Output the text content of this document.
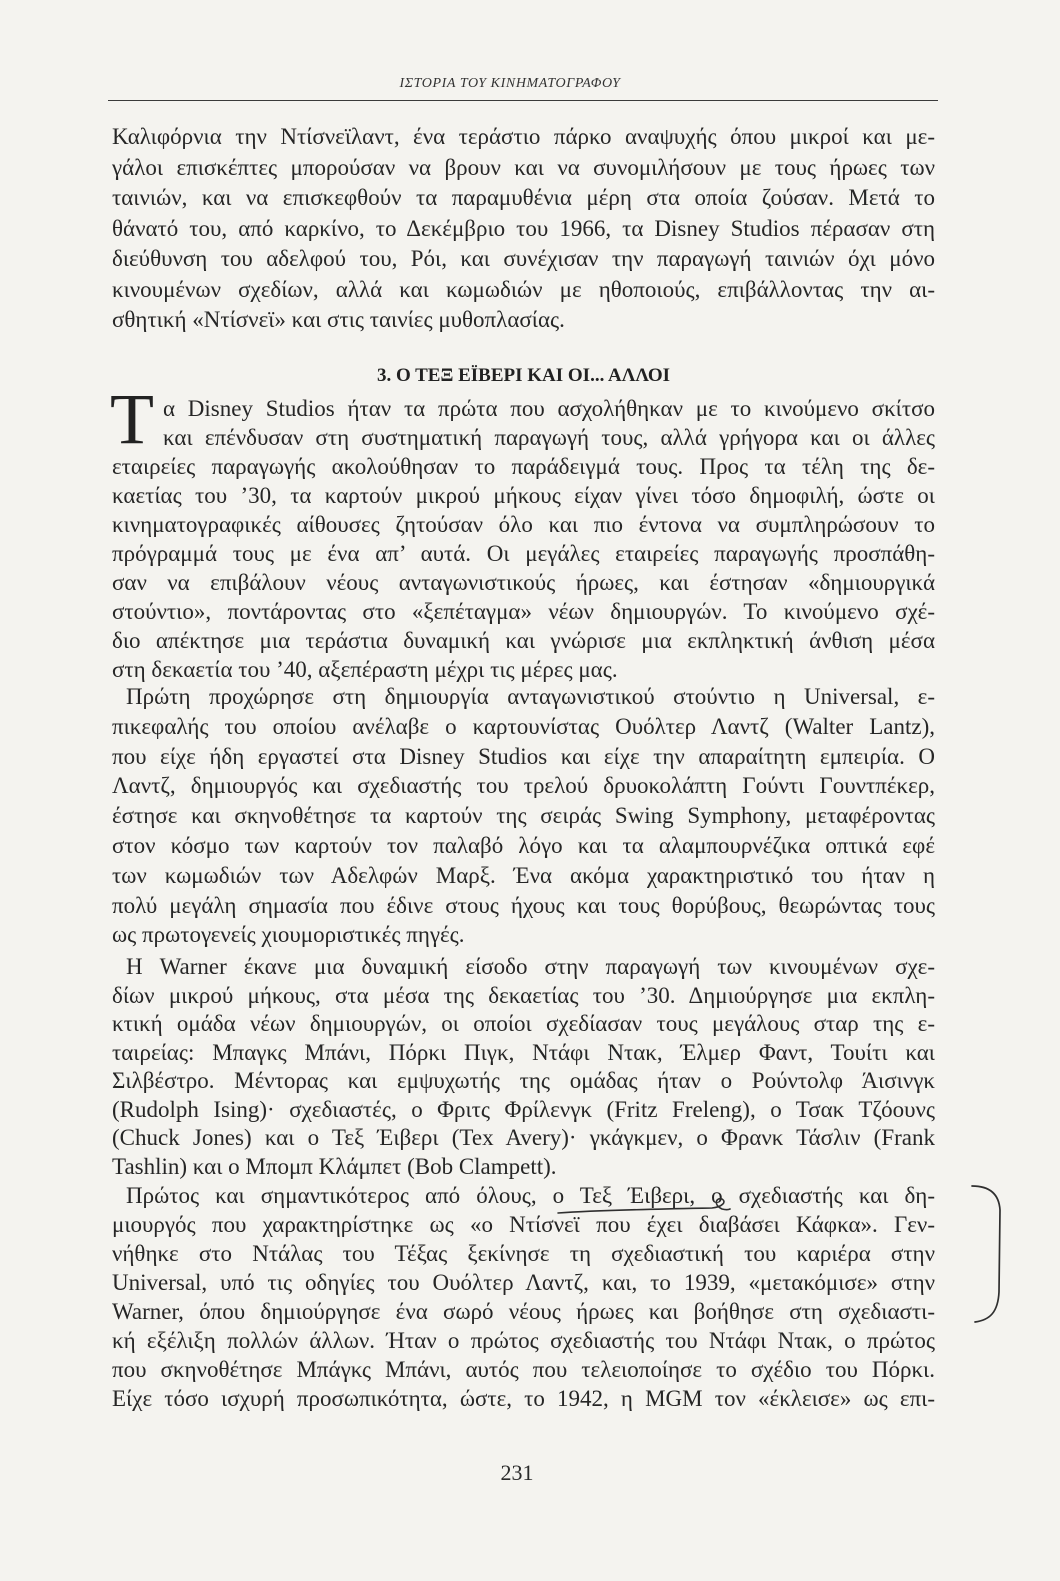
ΙΣΤΟΡΙΑ ΤΟΥ ΚΙΝΗΜΑΤΟΓΡΑΦΟΥ
Καλιφόρνια την Ντίσνεϊλαντ, ένα τεράστιο πάρκο αναψυχής όπου μικροί και με-
γάλοι επισκέπτες μπορούσαν να βρουν και να συνομιλήσουν με τους ήρωες των
ταινιών, και να επισκεφθούν τα παραμυθένια μέρη στα οποία ζούσαν. Μετά το
θάνατό του, από καρκίνο, το Δεκέμβριο του 1966, τα Disney Studios πέρασαν στη
διεύθυνση του αδελφού του, Ρόι, και συνέχισαν την παραγωγή ταινιών όχι μόνο
κινουμένων σχεδίων, αλλά και κωμωδιών με ηθοποιούς, επιβάλλοντας την αι-
σθητική «Ντίσνεϊ» και στις ταινίες μυθοπλασίας.
3. Ο ΤΕΞ ΕΪΒΕΡΙ ΚΑΙ ΟΙ... ΑΛΛΟΙ
Τ α Disney Studios ήταν τα πρώτα που ασχολήθηκαν με το κινούμενο σκίτσο
και επένδυσαν στη συστηματική παραγωγή τους, αλλά γρήγορα και οι άλλες
εταιρείες παραγωγής ακολούθησαν το παράδειγμά τους. Προς τα τέλη της δε-
καετίας του ’30, τα καρτούν μικρού μήκους είχαν γίνει τόσο δημοφιλή, ώστε οι
κινηματογραφικές αίθουσες ζητούσαν όλο και πιο έντονα να συμπληρώσουν το
πρόγραμμά τους με ένα απ’ αυτά. Οι μεγάλες εταιρείες παραγωγής προσπάθη-
σαν να επιβάλουν νέους ανταγωνιστικούς ήρωες, και έστησαν «δημιουργικά
στούντιο», ποντάροντας στο «ξεπέταγμα» νέων δημιουργών. Το κινούμενο σχέ-
διο απέκτησε μια τεράστια δυναμική και γνώρισε μια εκπληκτική άνθιση μέσα
στη δεκαετία του ’40, αξεπέραστη μέχρι τις μέρες μας.
Πρώτη προχώρησε στη δημιουργία ανταγωνιστικού στούντιο η Universal, ε-
πικεφαλής του οποίου ανέλαβε ο καρτουνίστας Ουόλτερ Λαντζ (Walter Lantz),
που είχε ήδη εργαστεί στα Disney Studios και είχε την απαραίτητη εμπειρία. Ο
Λαντζ, δημιουργός και σχεδιαστής του τρελού δρυοκολάπτη Γούντι Γουντπέκερ,
έστησε και σκηνοθέτησε τα καρτούν της σειράς Swing Symphony, μεταφέροντας
στον κόσμο των καρτούν τον παλαβό λόγο και τα αλαμπουρνέζικα οπτικά εφέ
των κωμωδιών των Αδελφών Μαρξ. Ένα ακόμα χαρακτηριστικό του ήταν η
πολύ μεγάλη σημασία που έδινε στους ήχους και τους θορύβους, θεωρώντας τους
ως πρωτογενείς χιουμοριστικές πηγές.
Η Warner έκανε μια δυναμική είσοδο στην παραγωγή των κινουμένων σχε-
δίων μικρού μήκους, στα μέσα της δεκαετίας του ’30. Δημιούργησε μια εκπλη-
κτική ομάδα νέων δημιουργών, οι οποίοι σχεδίασαν τους μεγάλους σταρ της ε-
ταιρείας: Μπαγκς Μπάνι, Πόρκι Πιγκ, Ντάφι Ντακ, Έλμερ Φαντ, Τουίτι και
Σιλβέστρο. Μέντορας και εμψυχωτής της ομάδας ήταν ο Ρούντολφ Άισινγκ
(Rudolph Ising)· σχεδιαστές, ο Φριτς Φρίλενγκ (Fritz Freleng), ο Τσακ Τζόουνς
(Chuck Jones) και ο Τεξ Έιβερι (Tex Avery)· γκάγκμεν, ο Φρανκ Τάσλιν (Frank
Tashlin) και ο Μπομπ Κλάμπετ (Bob Clampett).
Πρώτος και σημαντικότερος από όλους, ο Τεξ Έιβερι, ο σχεδιαστής και δη-
μιουργός που χαρακτηρίστηκε ως «ο Ντίσνεϊ που έχει διαβάσει Κάφκα». Γεν-
νήθηκε στο Ντάλας του Τέξας ξεκίνησε τη σχεδιαστική του καριέρα στην
Universal, υπό τις οδηγίες του Ουόλτερ Λαντζ, και, το 1939, «μετακόμισε» στην
Warner, όπου δημιούργησε ένα σωρό νέους ήρωες και βοήθησε στη σχεδιαστι-
κή εξέλιξη πολλών άλλων. Ήταν ο πρώτος σχεδιαστής του Ντάφι Ντακ, ο πρώτος
που σκηνοθέτησε Μπάγκς Μπάνι, αυτός που τελειοποίησε το σχέδιο του Πόρκι.
Είχε τόσο ισχυρή προσωπικότητα, ώστε, το 1942, η MGM τον «έκλεισε» ως επι-
231
